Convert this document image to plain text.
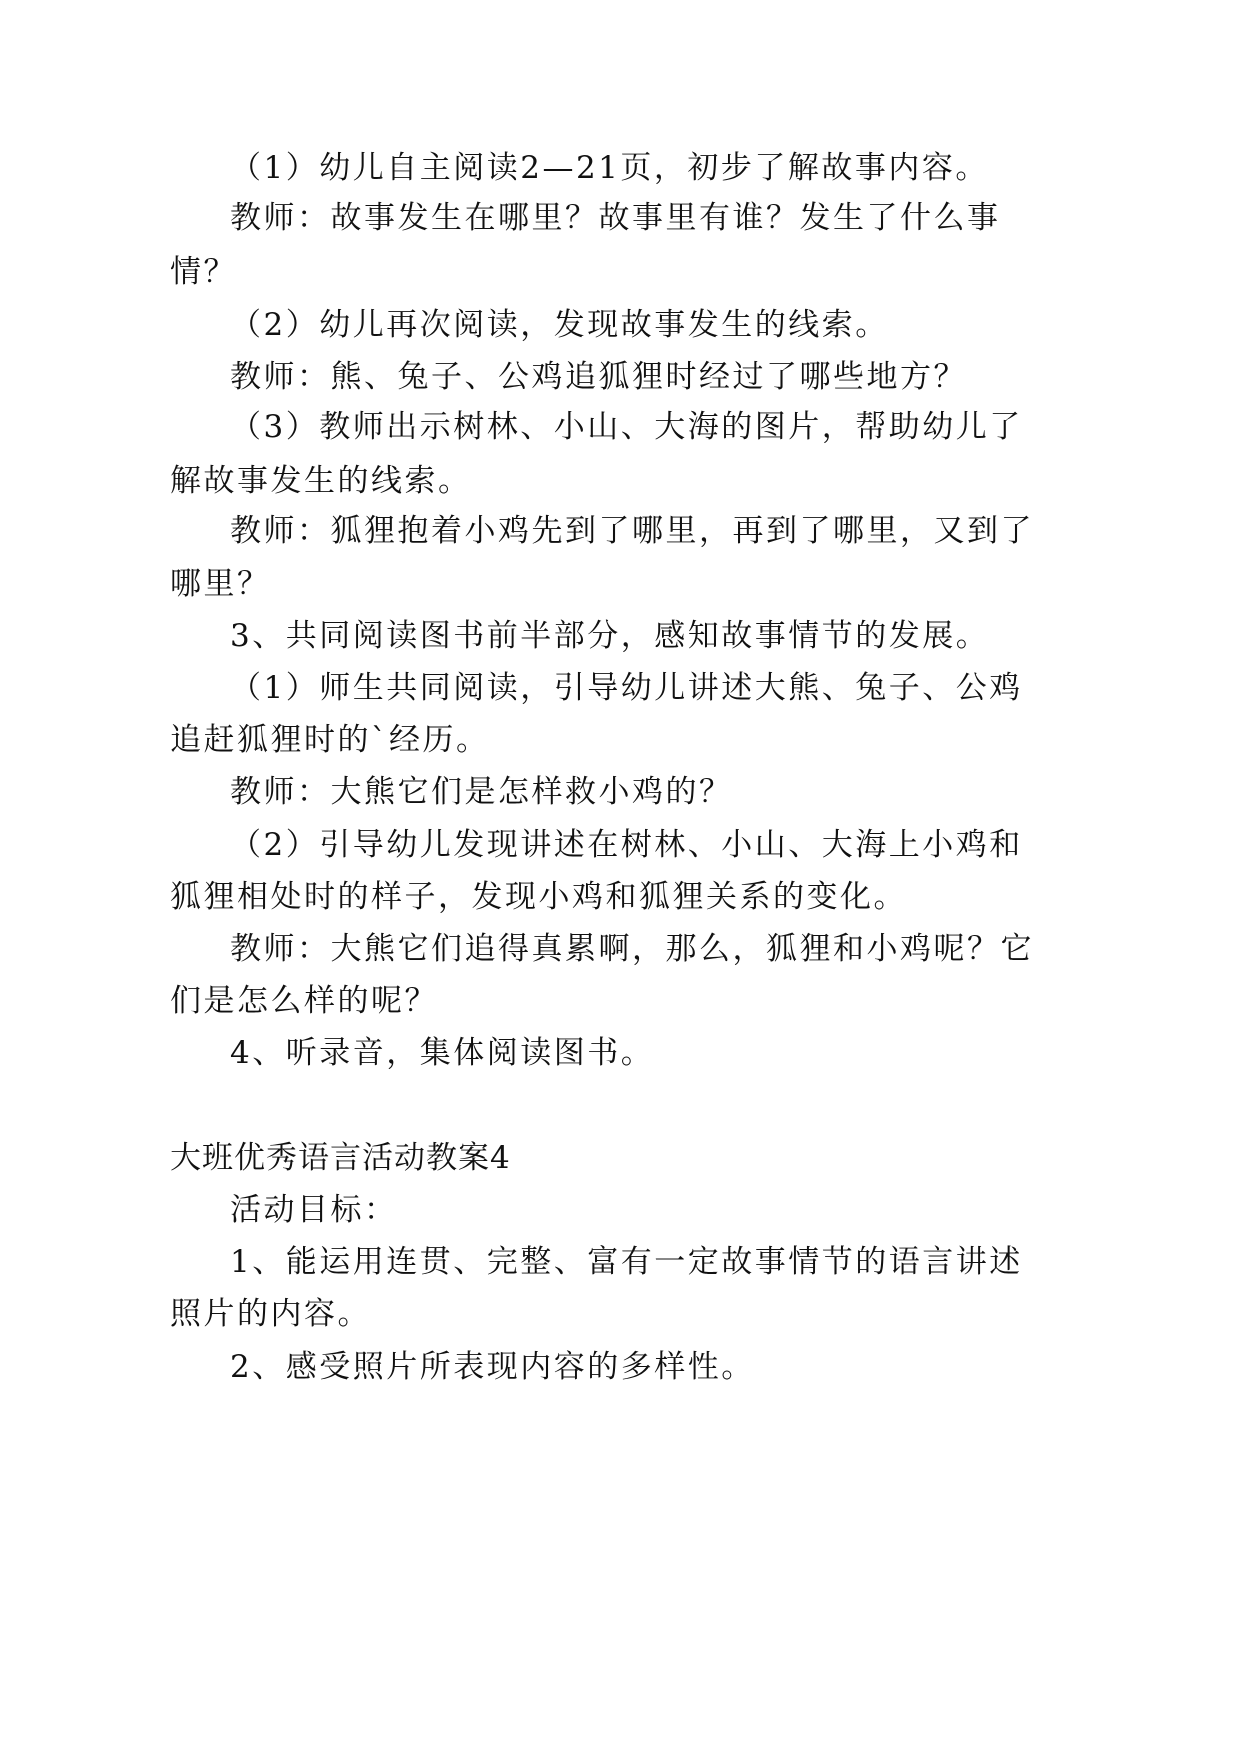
（1）幼儿自主阅读2—21页，初步了解故事内容。
教师：故事发生在哪里？故事里有谁？发生了什么事
情？
（2）幼儿再次阅读，发现故事发生的线索。
教师：熊、兔子、公鸡追狐狸时经过了哪些地方？
（3）教师出示树林、小山、大海的图片，帮助幼儿了
解故事发生的线索。
教师：狐狸抱着小鸡先到了哪里，再到了哪里，又到了
哪里？
3、共同阅读图书前半部分，感知故事情节的发展。
（1）师生共同阅读，引导幼儿讲述大熊、兔子、公鸡
追赶狐狸时的`经历。
教师：大熊它们是怎样救小鸡的？
（2）引导幼儿发现讲述在树林、小山、大海上小鸡和
狐狸相处时的样子，发现小鸡和狐狸关系的变化。
教师：大熊它们追得真累啊，那么，狐狸和小鸡呢？它
们是怎么样的呢？
4、听录音，集体阅读图书。
大班优秀语言活动教案4
活动目标：
1、能运用连贯、完整、富有一定故事情节的语言讲述
照片的内容。
2、感受照片所表现内容的多样性。
